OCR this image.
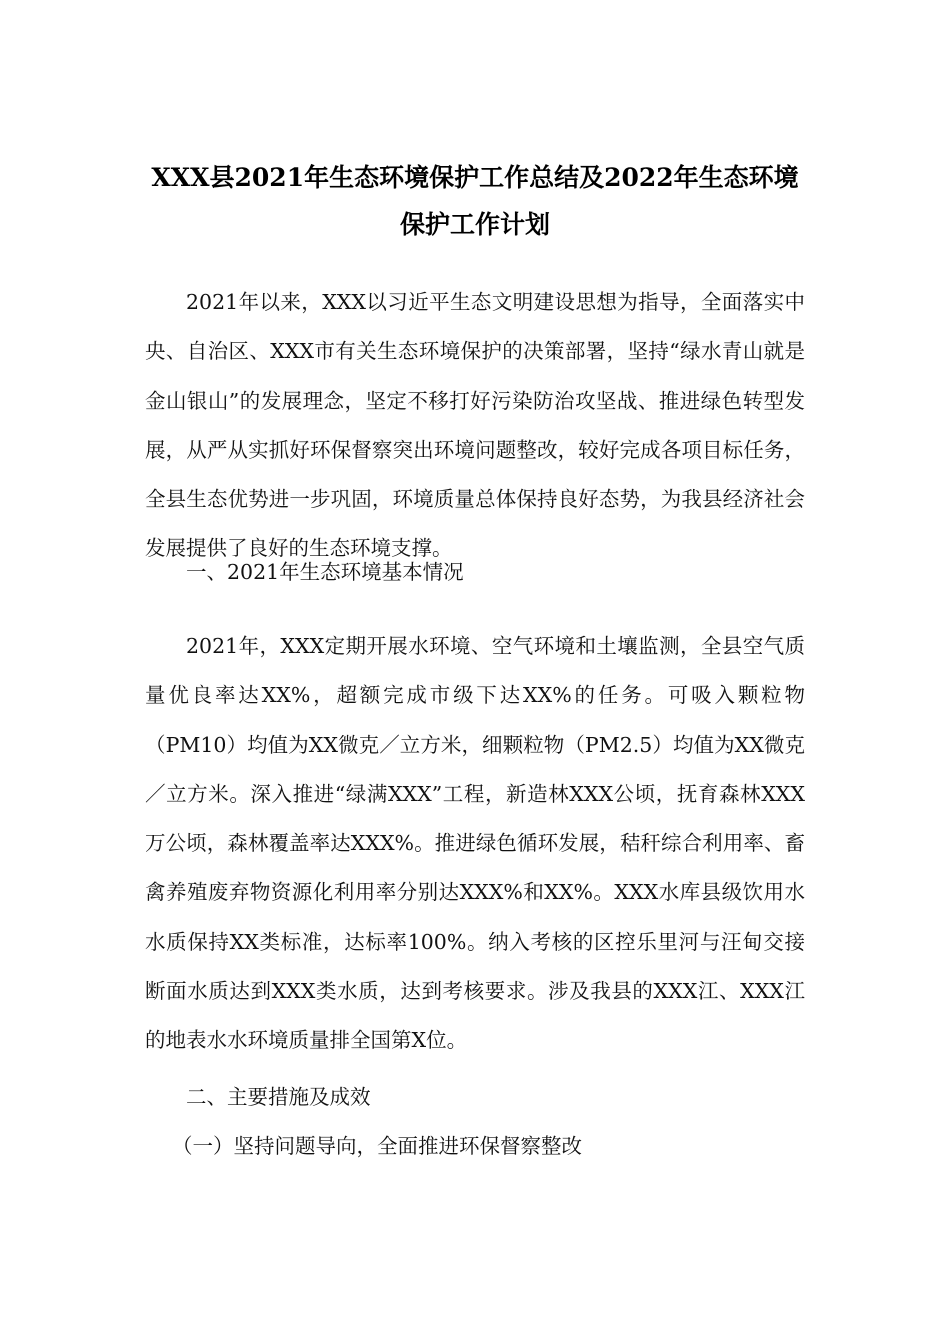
XXX县2021年生态环境保护工作总结及2022年生态环境保护工作计划

2021年以来，XXX以习近平生态文明建设思想为指导，全面落实中央、自治区、XXX市有关生态环境保护的决策部署，坚持“绿水青山就是金山银山”的发展理念，坚定不移打好污染防治攻坚战、推进绿色转型发展，从严从实抓好环保督察突出环境问题整改，较好完成各项目标任务，全县生态优势进一步巩固，环境质量总体保持良好态势，为我县经济社会发展提供了良好的生态环境支撑。

一、2021年生态环境基本情况

2021年，XXX定期开展水环境、空气环境和土壤监测，全县空气质量优良率达XX%，超额完成市级下达XX%的任务。可吸入颗粒物（PM10）均值为XX微克／立方米，细颗粒物（PM2.5）均值为XX微克／立方米。深入推进“绿满XXX”工程，新造林XXX公顷，抚育森林XXX万公顷，森林覆盖率达XXX%。推进绿色循环发展，秸秆综合利用率、畜禽养殖废弃物资源化利用率分别达XXX%和XX%。XXX水库县级饮用水水质保持XX类标准，达标率100%。纳入考核的区控乐里河与汪甸交接断面水质达到XXX类水质，达到考核要求。涉及我县的XXX江、XXX江的地表水水环境质量排全国第X位。

二、主要措施及成效

（一）坚持问题导向，全面推进环保督察整改
